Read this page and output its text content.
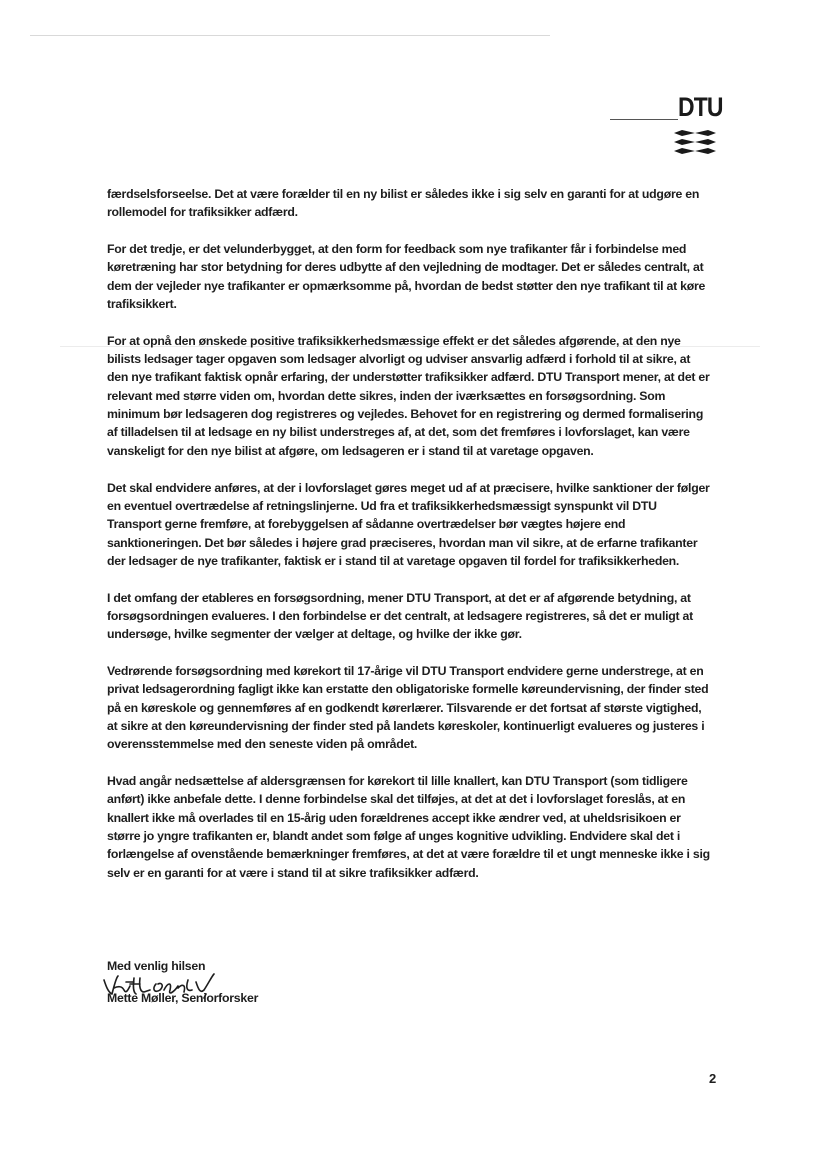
DTU

færdselsforseelse. Det at være forælder til en ny bilist er således ikke i sig selv en garanti for at udgøre en rollemodel for trafiksikker adfærd.

For det tredje, er det velunderbygget, at den form for feedback som nye trafikanter får i forbindelse med køretræning har stor betydning for deres udbytte af den vejledning de modtager. Det er således centralt, at dem der vejleder nye trafikanter er opmærksomme på, hvordan de bedst støtter den nye trafikant til at køre trafiksikkert.

For at opnå den ønskede positive trafiksikkerhedsmæssige effekt er det således afgørende, at den nye bilists ledsager tager opgaven som ledsager alvorligt og udviser ansvarlig adfærd i forhold til at sikre, at den nye trafikant faktisk opnår erfaring, der understøtter trafiksikker adfærd. DTU Transport mener, at det er relevant med større viden om, hvordan dette sikres, inden der iværksættes en forsøgsordning. Som minimum bør ledsageren dog registreres og vejledes. Behovet for en registrering og dermed formalisering af tilladelsen til at ledsage en ny bilist understreges af, at det, som det fremføres i lovforslaget, kan være vanskeligt for den nye bilist at afgøre, om ledsageren er i stand til at varetage opgaven.

Det skal endvidere anføres, at der i lovforslaget gøres meget ud af at præcisere, hvilke sanktioner der følger en eventuel overtrædelse af retningslinjerne. Ud fra et trafiksikkerhedsmæssigt synspunkt vil DTU Transport gerne fremføre, at forebyggelsen af sådanne overtrædelser bør vægtes højere end sanktioneringen. Det bør således i højere grad præciseres, hvordan man vil sikre, at de erfarne trafikanter der ledsager de nye trafikanter, faktisk er i stand til at varetage opgaven til fordel for trafiksikkerheden.

I det omfang der etableres en forsøgsordning, mener DTU Transport, at det er af afgørende betydning, at forsøgsordningen evalueres. I den forbindelse er det centralt, at ledsagere registreres, så det er muligt at undersøge, hvilke segmenter der vælger at deltage, og hvilke der ikke gør.

Vedrørende forsøgsordning med kørekort til 17-årige vil DTU Transport endvidere gerne understrege, at en privat ledsagerordning fagligt ikke kan erstatte den obligatoriske formelle køreundervisning, der finder sted på en køreskole og gennemføres af en godkendt kørerlærer. Tilsvarende er det fortsat af største vigtighed, at sikre at den køreundervisning der finder sted på landets køreskoler, kontinuerligt evalueres og justeres i overensstemmelse med den seneste viden på området.

Hvad angår nedsættelse af aldersgrænsen for kørekort til lille knallert, kan DTU Transport (som tidligere anført) ikke anbefale dette. I denne forbindelse skal det tilføjes, at det at det i lovforslaget foreslås, at en knallert ikke må overlades til en 15-årig uden forældrenes accept ikke ændrer ved, at uheldsrisikoen er større jo yngre trafikanten er, blandt andet som følge af unges kognitive udvikling. Endvidere skal det i forlængelse af ovenstående bemærkninger fremføres, at det at være forældre til et ungt menneske ikke i sig selv er en garanti for at være i stand til at sikre trafiksikker adfærd.

Med venlig hilsen
Mette Møller, Seniorforsker
2
